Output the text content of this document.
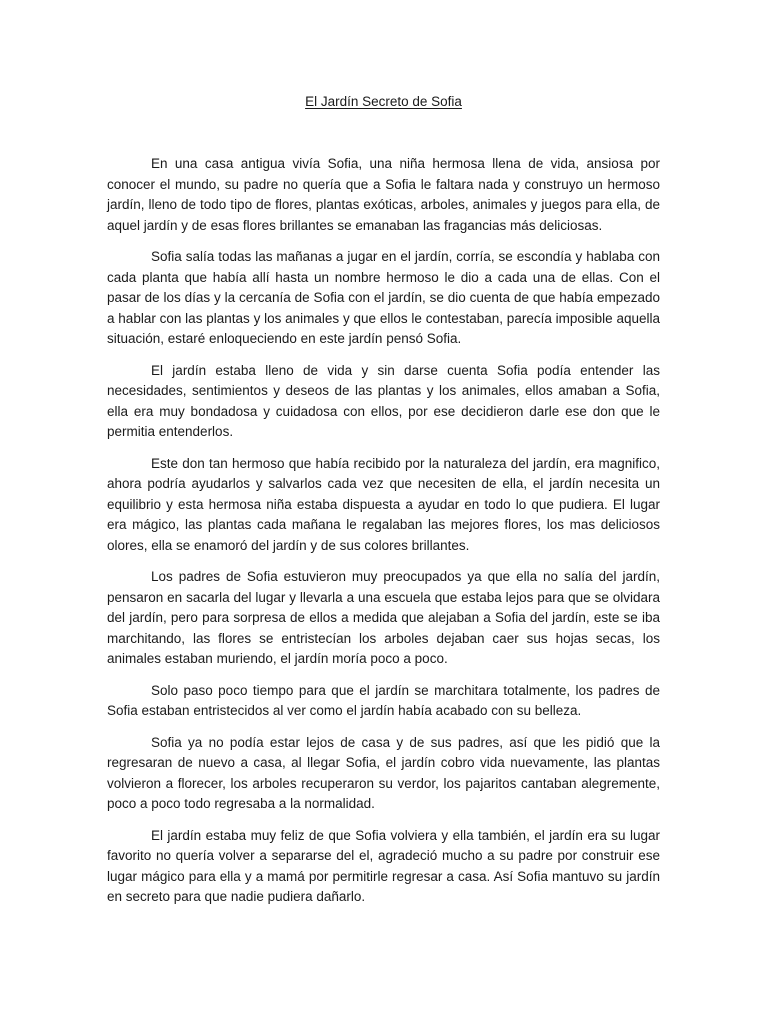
El Jardín Secreto de Sofia

En una casa antigua vivía Sofia, una niña hermosa llena de vida, ansiosa por conocer el mundo, su padre no quería que a Sofia le faltara nada y construyo un hermoso jardín, lleno de todo tipo de flores, plantas exóticas, arboles, animales y juegos para ella, de aquel jardín y de esas flores brillantes se emanaban las fragancias más deliciosas.

Sofia salía todas las mañanas a jugar en el jardín, corría, se escondía y hablaba con cada planta que había allí hasta un nombre hermoso le dio a cada una de ellas. Con el pasar de los días y la cercanía de Sofia con el jardín, se dio cuenta de que había empezado a hablar con las plantas y los animales y que ellos le contestaban, parecía imposible aquella situación, estaré enloqueciendo en este jardín pensó Sofia.

El jardín estaba lleno de vida y sin darse cuenta Sofia podía entender las necesidades, sentimientos y deseos de las plantas y los animales, ellos amaban a Sofia, ella era muy bondadosa y cuidadosa con ellos, por ese decidieron darle ese don que le permitia entenderlos.

Este don tan hermoso que había recibido por la naturaleza del jardín, era magnifico, ahora podría ayudarlos y salvarlos cada vez que necesiten de ella, el jardín necesita un equilibrio y esta hermosa niña estaba dispuesta a ayudar en todo lo que pudiera. El lugar era mágico, las plantas cada mañana le regalaban las mejores flores, los mas deliciosos olores, ella se enamoró del jardín y de sus colores brillantes.

Los padres de Sofia estuvieron muy preocupados ya que ella no salía del jardín, pensaron en sacarla del lugar y llevarla a una escuela que estaba lejos para que se olvidara del jardín, pero para sorpresa de ellos a medida que alejaban a Sofia del jardín, este se iba marchitando, las flores se entristecían los arboles dejaban caer sus hojas secas, los animales estaban muriendo, el jardín moría poco a poco.

Solo paso poco tiempo para que el jardín se marchitara totalmente, los padres de Sofia estaban entristecidos al ver como el jardín había acabado con su belleza.

Sofia ya no podía estar lejos de casa y de sus padres, así que les pidió que la regresaran de nuevo a casa, al llegar Sofia, el jardín cobro vida nuevamente, las plantas volvieron a florecer, los arboles recuperaron su verdor, los pajaritos cantaban alegremente, poco a poco todo regresaba a la normalidad.

El jardín estaba muy feliz de que Sofia volviera y ella también, el jardín era su lugar favorito no quería volver a separarse del el, agradeció mucho a su padre por construir ese lugar mágico para ella y a mamá por permitirle regresar a casa. Así Sofia mantuvo su jardín en secreto para que nadie pudiera dañarlo.
